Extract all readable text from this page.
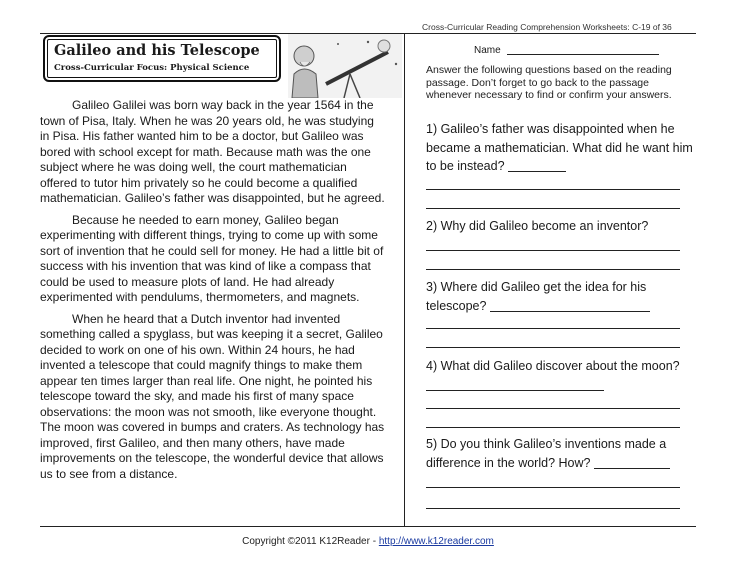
Cross-Curricular Reading Comprehension Worksheets: C-19 of 36
Galileo and his Telescope
Cross-Curricular Focus: Physical Science

Galileo Galilei was born way back in the year 1564 in the town of Pisa, Italy. When he was 20 years old, he was studying in Pisa. His father wanted him to be a doctor, but Galileo was bored with school except for math. Because math was the one subject where he was doing well, the court mathematician offered to tutor him privately so he could become a qualified mathematician. Galileo’s father was disappointed, but he agreed.

Because he needed to earn money, Galileo began experimenting with different things, trying to come up with some sort of invention that he could sell for money. He had a little bit of success with his invention that was kind of like a compass that could be used to measure plots of land. He had already experimented with pendulums, thermometers, and magnets.

When he heard that a Dutch inventor had invented something called a spyglass, but was keeping it a secret, Galileo decided to work on one of his own. Within 24 hours, he had invented a telescope that could magnify things to make them appear ten times larger than real life. One night, he pointed his telescope toward the sky, and made his first of many space observations: the moon was not smooth, like everyone thought. The moon was covered in bumps and craters. As technology has improved, first Galileo, and then many others, have made improvements on the telescope, the wonderful device that allows us to see from a distance.

Name
Answer the following questions based on the reading passage. Don’t forget to go back to the passage whenever necessary to find or confirm your answers.
1) Galileo’s father was disappointed when he became a mathematician. What did he want him to be instead?
2) Why did Galileo become an inventor?
3) Where did Galileo get the idea for his telescope?
4) What did Galileo discover about the moon?
5) Do you think Galileo’s inventions made a difference in the world? How?
Copyright ©2011 K12Reader - http://www.k12reader.com
